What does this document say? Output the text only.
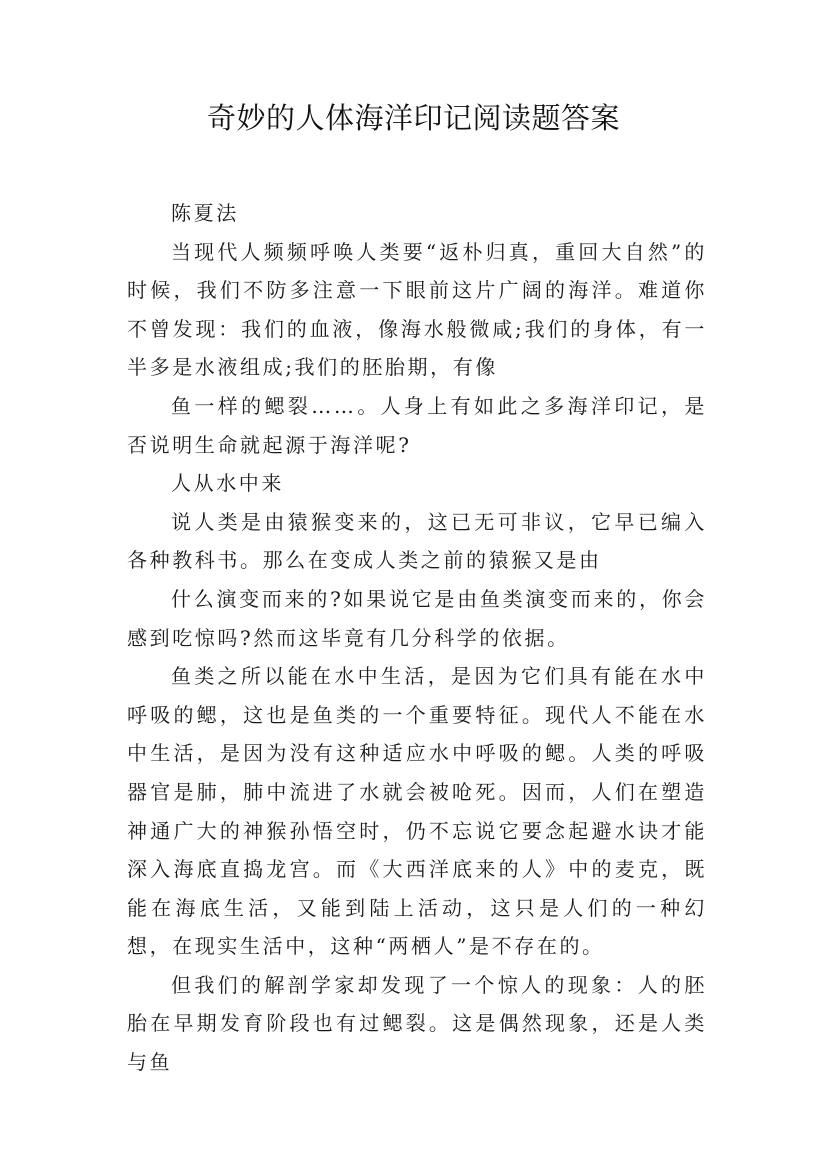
奇妙的人体海洋印记阅读题答案

陈夏法

当现代人频频呼唤人类要“返朴归真，重回大自然”的时候，我们不防多注意一下眼前这片广阔的海洋。难道你不曾发现：我们的血液，像海水般微咸;我们的身体，有一半多是水液组成;我们的胚胎期，有像

鱼一样的鳃裂……。人身上有如此之多海洋印记，是否说明生命就起源于海洋呢?

人从水中来

说人类是由猿猴变来的，这已无可非议，它早已编入各种教科书。那么在变成人类之前的猿猴又是由

什么演变而来的?如果说它是由鱼类演变而来的，你会感到吃惊吗?然而这毕竟有几分科学的依据。

鱼类之所以能在水中生活，是因为它们具有能在水中呼吸的鳃，这也是鱼类的一个重要特征。现代人不能在水中生活，是因为没有这种适应水中呼吸的鳃。人类的呼吸器官是肺，肺中流进了水就会被呛死。因而，人们在塑造神通广大的神猴孙悟空时，仍不忘说它要念起避水诀才能深入海底直捣龙宫。而《大西洋底来的人》中的麦克，既能在海底生活，又能到陆上活动，这只是人们的一种幻想，在现实生活中，这种“两栖人”是不存在的。

但我们的解剖学家却发现了一个惊人的现象：人的胚胎在早期发育阶段也有过鳃裂。这是偶然现象，还是人类与鱼
